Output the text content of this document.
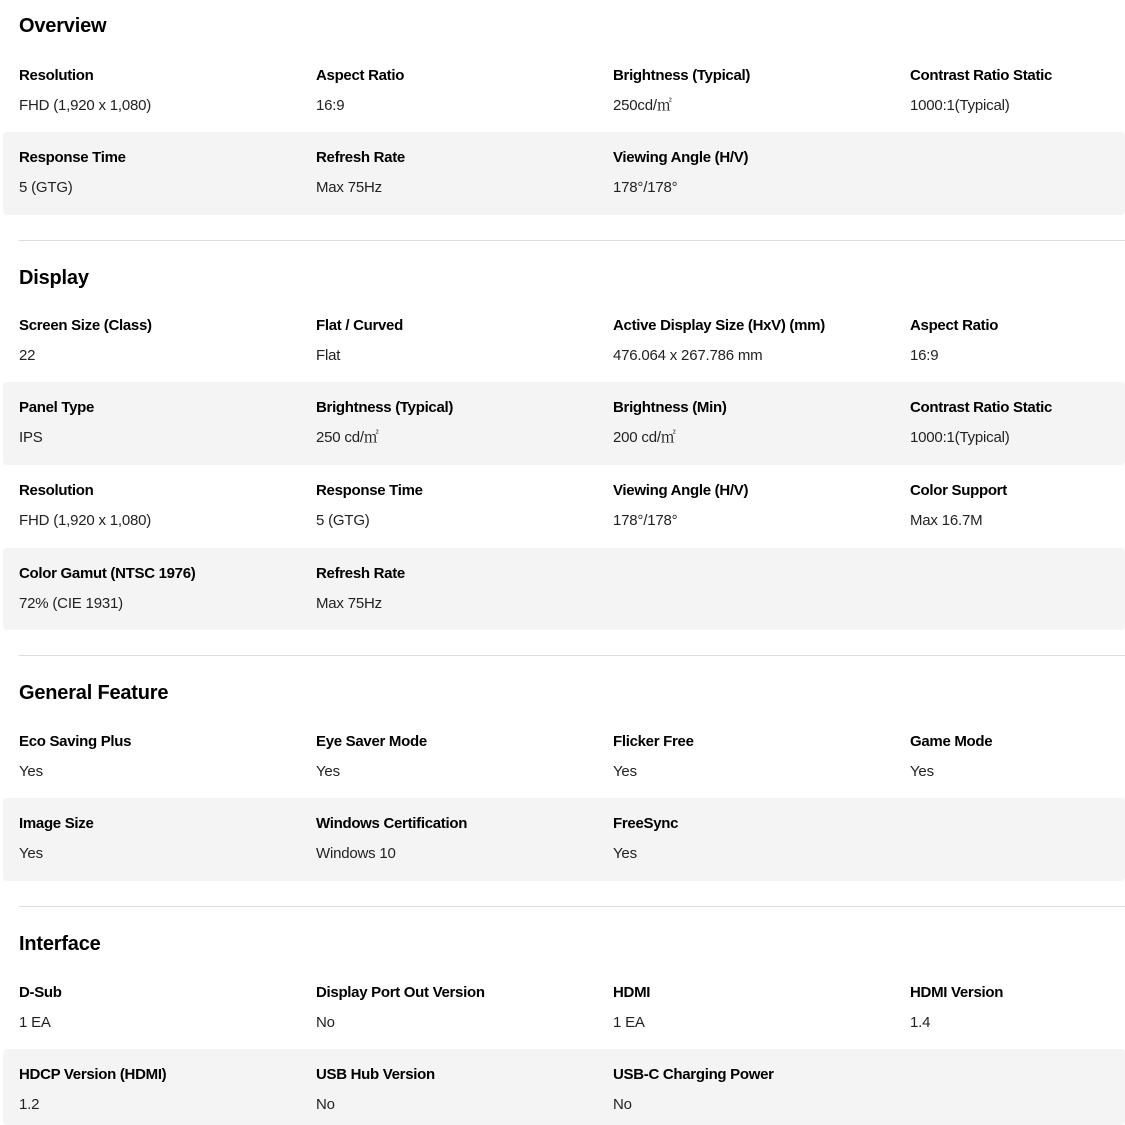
Overview
Resolution
FHD (1,920 x 1,080)
Aspect Ratio
16:9
Brightness (Typical)
250cd/㎡
Contrast Ratio Static
1000:1(Typical)
Response Time
5 (GTG)
Refresh Rate
Max 75Hz
Viewing Angle (H/V)
178°/178°
Display
Screen Size (Class)
22
Flat / Curved
Flat
Active Display Size (HxV) (mm)
476.064 x 267.786 mm
Aspect Ratio
16:9
Panel Type
IPS
Brightness (Typical)
250 cd/㎡
Brightness (Min)
200 cd/㎡
Contrast Ratio Static
1000:1(Typical)
Resolution
FHD (1,920 x 1,080)
Response Time
5 (GTG)
Viewing Angle (H/V)
178°/178°
Color Support
Max 16.7M
Color Gamut (NTSC 1976)
72% (CIE 1931)
Refresh Rate
Max 75Hz
General Feature
Eco Saving Plus
Yes
Eye Saver Mode
Yes
Flicker Free
Yes
Game Mode
Yes
Image Size
Yes
Windows Certification
Windows 10
FreeSync
Yes
Interface
D-Sub
1 EA
Display Port Out Version
No
HDMI
1 EA
HDMI Version
1.4
HDCP Version (HDMI)
1.2
USB Hub Version
No
USB-C Charging Power
No
